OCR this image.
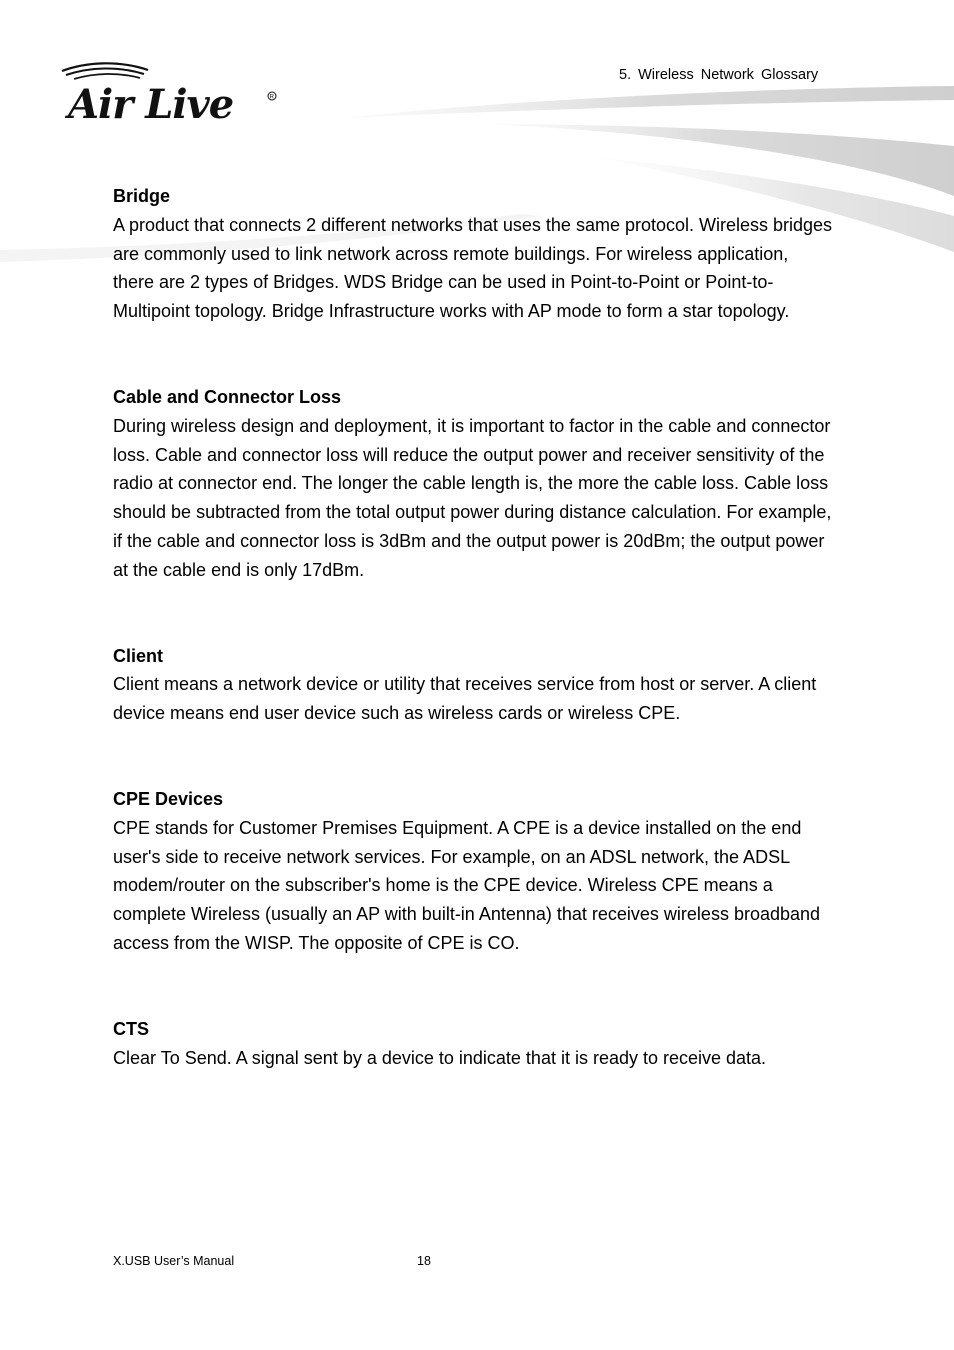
Air Live	R
5. Wireless Network Glossary

Bridge

A product that connects 2 different networks that uses the same protocol. Wireless bridges are commonly used to link network across remote buildings. For wireless application, there are 2 types of Bridges. WDS Bridge can be used in Point-to-Point or Point-to-Multipoint topology. Bridge Infrastructure works with AP mode to form a star topology.

Cable and Connector Loss

During wireless design and deployment, it is important to factor in the cable and connector loss. Cable and connector loss will reduce the output power and receiver sensitivity of the radio at connector end. The longer the cable length is, the more the cable loss. Cable loss should be subtracted from the total output power during distance calculation. For example, if the cable and connector loss is 3dBm and the output power is 20dBm; the output power at the cable end is only 17dBm.

Client

Client means a network device or utility that receives service from host or server. A client device means end user device such as wireless cards or wireless CPE.

CPE Devices

CPE stands for Customer Premises Equipment. A CPE is a device installed on the end user's side to receive network services. For example, on an ADSL network, the ADSL modem/router on the subscriber's home is the CPE device. Wireless CPE means a complete Wireless (usually an AP with built-in Antenna) that receives wireless broadband access from the WISP. The opposite of CPE is CO.

CTS

Clear To Send. A signal sent by a device to indicate that it is ready to receive data.

X.USB User’s Manual	18
